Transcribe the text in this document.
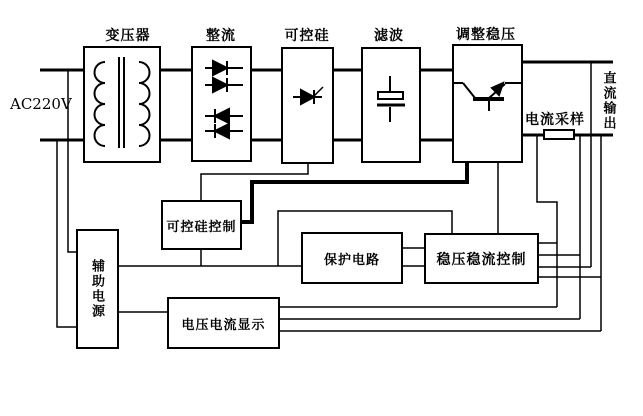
AC220V
变压器	整流	可控硅	滤波	调整稳压
电流采样	直流输出
可控硅控制
保护电路	稳压稳流控制
辅助电源
电压电流显示
